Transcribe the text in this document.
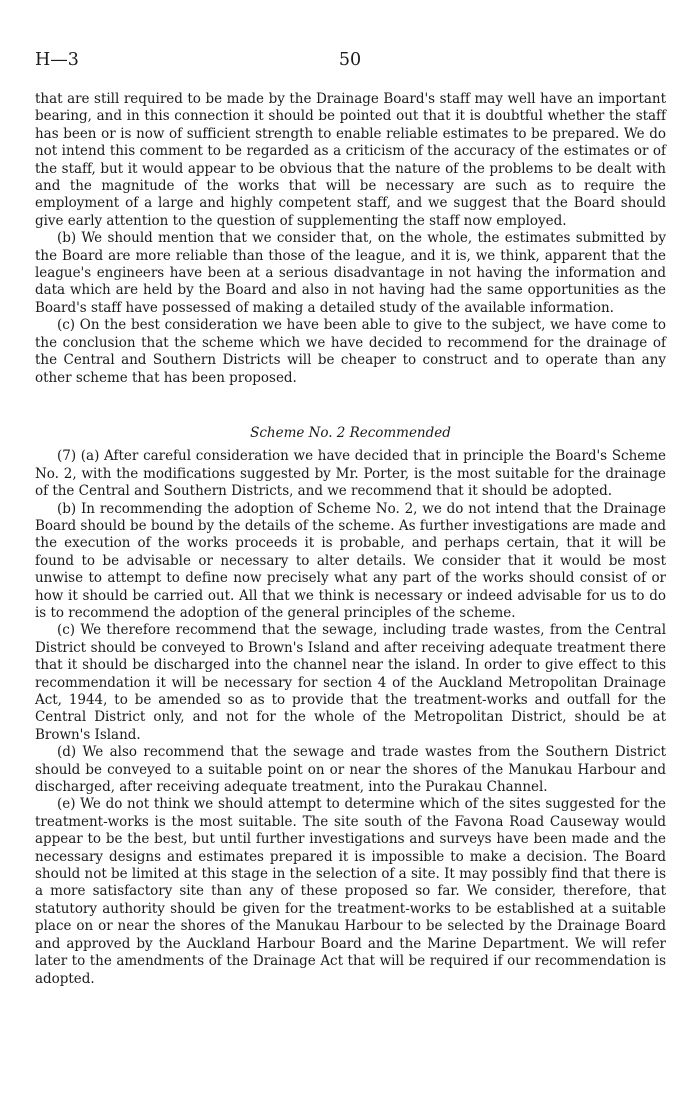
H—3	50

that are still required to be made by the Drainage Board's staff may well have an important bearing, and in this connection it should be pointed out that it is doubtful whether the staff has been or is now of sufficient strength to enable reliable estimates to be prepared. We do not intend this comment to be regarded as a criticism of the accuracy of the estimates or of the staff, but it would appear to be obvious that the nature of the problems to be dealt with and the magnitude of the works that will be necessary are such as to require the employment of a large and highly competent staff, and we suggest that the Board should give early attention to the question of supplementing the staff now employed.

(b) We should mention that we consider that, on the whole, the estimates submitted by the Board are more reliable than those of the league, and it is, we think, apparent that the league's engineers have been at a serious disadvantage in not having the information and data which are held by the Board and also in not having had the same opportunities as the Board's staff have possessed of making a detailed study of the available information.

(c) On the best consideration we have been able to give to the subject, we have come to the conclusion that the scheme which we have decided to recommend for the drainage of the Central and Southern Districts will be cheaper to construct and to operate than any other scheme that has been proposed.

Scheme No. 2 Recommended

(7) (a) After careful consideration we have decided that in principle the Board's Scheme No. 2, with the modifications suggested by Mr. Porter, is the most suitable for the drainage of the Central and Southern Districts, and we recommend that it should be adopted.

(b) In recommending the adoption of Scheme No. 2, we do not intend that the Drainage Board should be bound by the details of the scheme. As further investigations are made and the execution of the works proceeds it is probable, and perhaps certain, that it will be found to be advisable or necessary to alter details. We consider that it would be most unwise to attempt to define now precisely what any part of the works should consist of or how it should be carried out. All that we think is necessary or indeed advisable for us to do is to recommend the adoption of the general principles of the scheme.

(c) We therefore recommend that the sewage, including trade wastes, from the Central District should be conveyed to Brown's Island and after receiving adequate treatment there that it should be discharged into the channel near the island. In order to give effect to this recommendation it will be necessary for section 4 of the Auckland Metropolitan Drainage Act, 1944, to be amended so as to provide that the treatment-works and outfall for the Central District only, and not for the whole of the Metropolitan District, should be at Brown's Island.

(d) We also recommend that the sewage and trade wastes from the Southern District should be conveyed to a suitable point on or near the shores of the Manukau Harbour and discharged, after receiving adequate treatment, into the Purakau Channel.

(e) We do not think we should attempt to determine which of the sites suggested for the treatment-works is the most suitable. The site south of the Favona Road Causeway would appear to be the best, but until further investigations and surveys have been made and the necessary designs and estimates prepared it is impossible to make a decision. The Board should not be limited at this stage in the selection of a site. It may possibly find that there is a more satisfactory site than any of these proposed so far. We consider, therefore, that statutory authority should be given for the treatment-works to be established at a suitable place on or near the shores of the Manukau Harbour to be selected by the Drainage Board and approved by the Auckland Harbour Board and the Marine Department. We will refer later to the amendments of the Drainage Act that will be required if our recommendation is adopted.
